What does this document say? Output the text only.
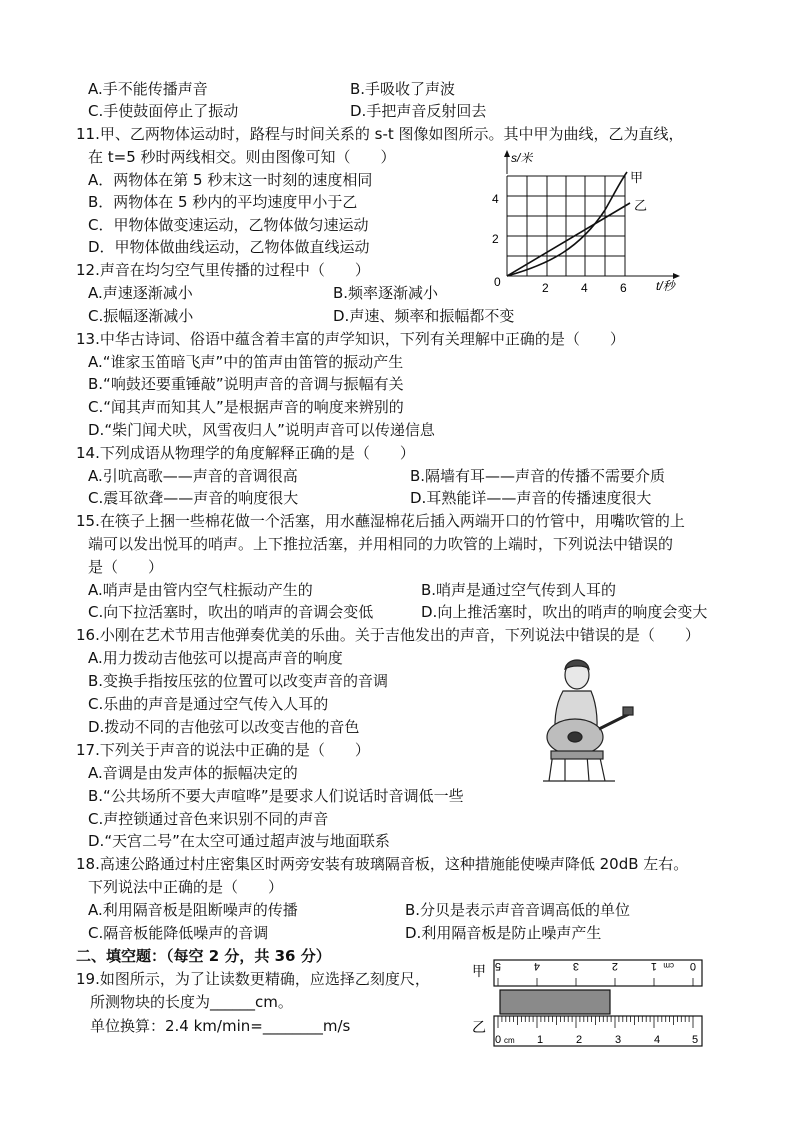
A.手不能传播声音	B.手吸收了声波
C.手使鼓面停止了振动	D.手把声音反射回去
11.甲、乙两物体运动时，路程与时间关系的 s-t 图像如图所示。其中甲为曲线，乙为直线，
在 t=5 秒时两线相交。则由图像可知（　　）
A．两物体在第 5 秒末这一时刻的速度相同
B．两物体在 5 秒内的平均速度甲小于乙
C．甲物体做变速运动，乙物体做匀速运动
D．甲物体做曲线运动，乙物体做直线运动
s/米
t/秒
0	2	4	6
2
4
甲
乙
12.声音在均匀空气里传播的过程中（　　）
A.声速逐渐减小	B.频率逐渐减小
C.振幅逐渐减小	D.声速、频率和振幅都不变
13.中华古诗词、俗语中蕴含着丰富的声学知识，下列有关理解中正确的是（　　）
A.“谁家玉笛暗飞声”中的笛声由笛管的振动产生
B.“响鼓还要重锤敲”说明声音的音调与振幅有关
C.“闻其声而知其人”是根据声音的响度来辨别的
D.“柴门闻犬吠，风雪夜归人”说明声音可以传递信息
14.下列成语从物理学的角度解释正确的是（　　）
A.引吭高歌——声音的音调很高	B.隔墙有耳——声音的传播不需要介质
C.震耳欲聋——声音的响度很大	D.耳熟能详——声音的传播速度很大
15.在筷子上捆一些棉花做一个活塞，用水蘸湿棉花后插入两端开口的竹管中，用嘴吹管的上
端可以发出悦耳的哨声。上下推拉活塞，并用相同的力吹管的上端时，下列说法中错误的
是（　　）
A.哨声是由管内空气柱振动产生的	B.哨声是通过空气传到人耳的
C.向下拉活塞时，吹出的哨声的音调会变低	D.向上推活塞时，吹出的哨声的响度会变大
16.小刚在艺术节用吉他弹奏优美的乐曲。关于吉他发出的声音，下列说法中错误的是（　　）
A.用力拨动吉他弦可以提高声音的响度
B.变换手指按压弦的位置可以改变声音的音调
C.乐曲的声音是通过空气传入人耳的
D.拨动不同的吉他弦可以改变吉他的音色
17.下列关于声音的说法中正确的是（　　）
A.音调是由发声体的振幅决定的
B.“公共场所不要大声喧哗”是要求人们说话时音调低一些
C.声控锁通过音色来识别不同的声音
D.“天宫二号”在太空可通过超声波与地面联系
18.高速公路通过村庄密集区时两旁安装有玻璃隔音板，这种措施能使噪声降低 20dB 左右。
下列说法中正确的是（　　）
A.利用隔音板是阻断噪声的传播	B.分贝是表示声音音调高低的单位
C.隔音板能降低噪声的音调	D.利用隔音板是防止噪声产生
二、填空题：（每空 2 分，共 36 分）
19.如图所示，为了让读数更精确，应选择乙刻度尺，
所测物块的长度为______cm。
单位换算：2.4 km/min=________m/s
甲
乙
5	4	3	2	1	0
cm
0 cm 1	2	3	4	5
